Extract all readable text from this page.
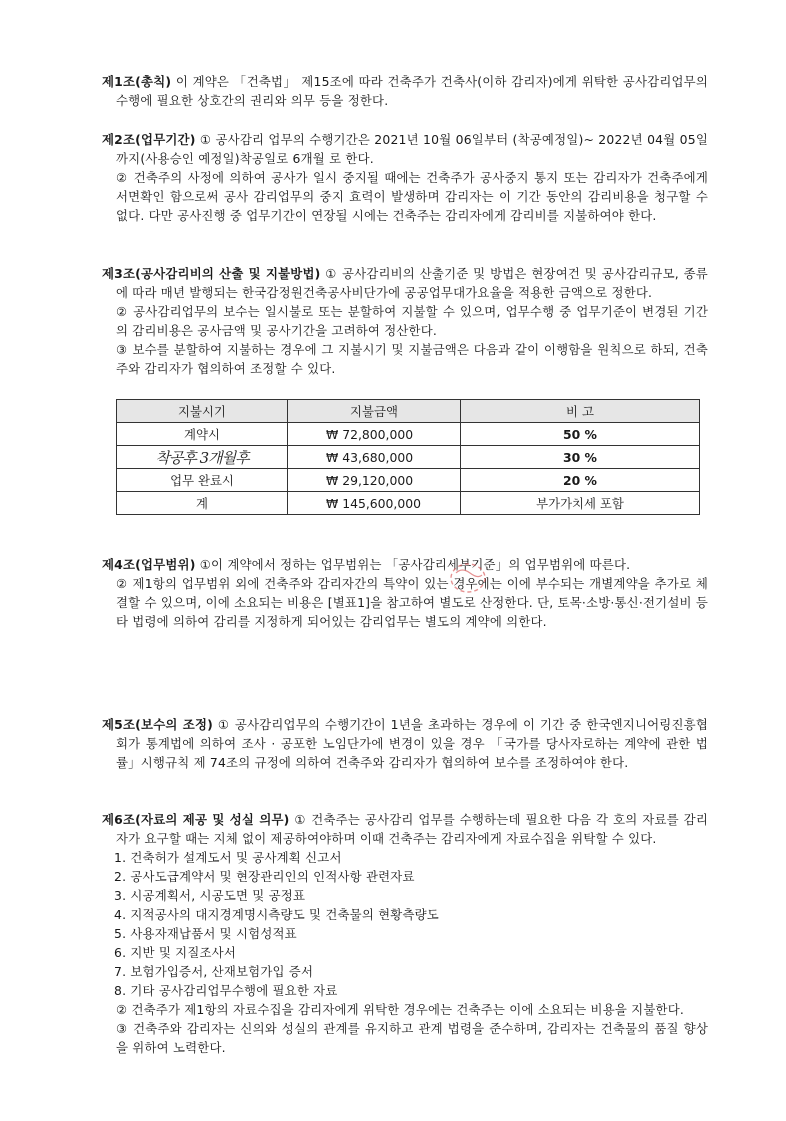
제1조(총칙) 이 계약은 「건축법」 제15조에 따라 건축주가 건축사(이하 감리자)에게 위탁한 공사감리업무의 수행에 필요한 상호간의 권리와 의무 등을 정한다.

제2조(업무기간) ① 공사감리 업무의 수행기간은 2021년 10월 06일부터 (착공예정일)~ 2022년 04월 05일까지(사용승인 예정일)착공일로 6개월 로 한다.

② 건축주의 사정에 의하여 공사가 일시 중지될 때에는 건축주가 공사중지 통지 또는 감리자가 건축주에게 서면확인 함으로써 공사 감리업무의 중지 효력이 발생하며 감리자는 이 기간 동안의 감리비용을 청구할 수 없다. 다만 공사진행 중 업무기간이 연장될 시에는 건축주는 감리자에게 감리비를 지불하여야 한다.

제3조(공사감리비의 산출 및 지불방법) ① 공사감리비의 산출기준 및 방법은 현장여건 및 공사감리규모, 종류에 따라 매년 발행되는 한국감정원건축공사비단가에 공공업무대가요율을 적용한 금액으로 정한다.

② 공사감리업무의 보수는 일시불로 또는 분할하여 지불할 수 있으며, 업무수행 중 업무기준이 변경된 기간의 감리비용은 공사금액 및 공사기간을 고려하여 정산한다.

③ 보수를 분할하여 지불하는 경우에 그 지불시기 및 지불금액은 다음과 같이 이행함을 원칙으로 하되, 건축주와 감리자가 협의하여 조정할 수 있다.

지불시기	지불금액	비 고
계약시	₩ 72,800,000	50 %
착공후 3개월후	₩ 43,680,000	30 %
업무 완료시	₩ 29,120,000	20 %
계	₩ 145,600,000	부가가치세 포함

제4조(업무범위) ①이 계약에서 정하는 업무범위는 「공사감리세부기준」의 업무범위에 따른다.

② 제1항의 업무범위 외에 건축주와 감리자간의 특약이 있는 경우에는 이에 부수되는 개별계약을 추가로 체결할 수 있으며, 이에 소요되는 비용은 [별표1]을 참고하여 별도로 산정한다. 단, 토목·소방·통신·전기설비 등 타 법령에 의하여 감리를 지정하게 되어있는 감리업무는 별도의 계약에 의한다.

제5조(보수의 조정) ① 공사감리업무의 수행기간이 1년을 초과하는 경우에 이 기간 중 한국엔지니어링진흥협회가 통계법에 의하여 조사 · 공포한 노임단가에 변경이 있을 경우 「국가를 당사자로하는 계약에 관한 법률」시행규칙 제 74조의 규정에 의하여 건축주와 감리자가 협의하여 보수를 조정하여야 한다.

제6조(자료의 제공 및 성실 의무) ① 건축주는 공사감리 업무를 수행하는데 필요한 다음 각 호의 자료를 감리자가 요구할 때는 지체 없이 제공하여야하며 이때 건축주는 감리자에게 자료수집을 위탁할 수 있다.

1. 건축허가 설계도서 및 공사계획 신고서

2. 공사도급계약서 및 현장관리인의 인적사항 관련자료

3. 시공계획서, 시공도면 및 공정표

4. 지적공사의 대지경계명시측량도 및 건축물의 현황측량도

5. 사용자재납품서 및 시험성적표

6. 지반 및 지질조사서

7. 보험가입증서, 산재보험가입 증서

8. 기타 공사감리업무수행에 필요한 자료

② 건축주가 제1항의 자료수집을 감리자에게 위탁한 경우에는 건축주는 이에 소요되는 비용을 지불한다.

③ 건축주와 감리자는 신의와 성실의 관계를 유지하고 관계 법령을 준수하며, 감리자는 건축물의 품질 향상을 위하여 노력한다.
